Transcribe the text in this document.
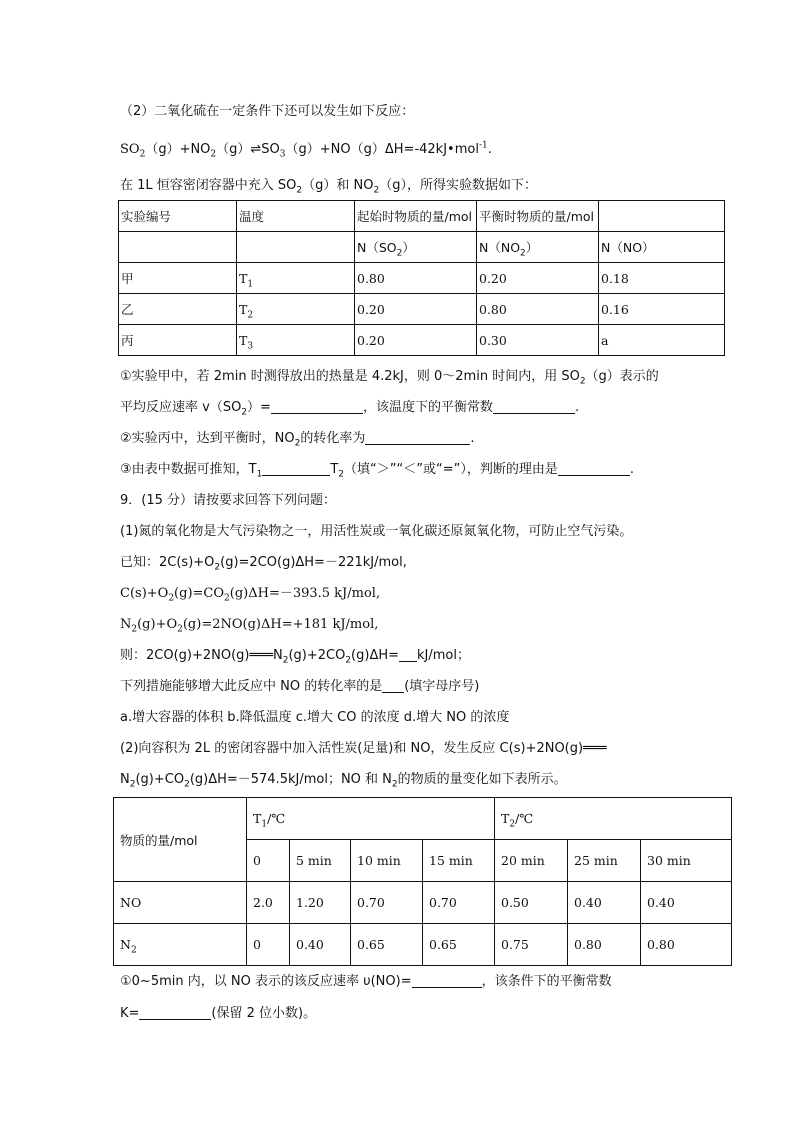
（2）二氧化硫在一定条件下还可以发生如下反应：
$SO_2(g)+NO_2(g)\rightleftharpoons SO_3(g)+NO(g)\Delta H=-42kJ•mol^{-1}$.
在 1L 恒容密闭容器中充入 $SO_2(g)$和 $NO_2(g)$，所得实验数据如下：
实验编号	温度	起始时物质的量/mol	平衡时物质的量/mol	
		$N(SO_2)$	$N(NO_2)$	N（NO）
甲	$T_1$	0.80	0.20	0.18
乙	$T_2$	0.20	0.80	0.16
丙	$T_3$	0.20	0.30	a
①实验甲中，若 2min 时测得放出的热量是 4.2kJ，则 0～2min 时间内，用 $SO_2(g)$表示的
平均反应速率 $v(SO_2)=$	，该温度下的平衡常数	.
②实验丙中，达到平衡时，$NO_2$的转化率为	.
③由表中数据可推知，$T_1$	$T_2$（填“＞”“＜”或“=”），判断的理由是	.
9．(15 分）请按要求回答下列问题：
(1)氮的氧化物是大气污染物之一，用活性炭或一氧化碳还原氮氧化物，可防止空气污染。
已知：$2C(s)+O_2(g)=2CO(g)\Delta H=-221kJ$/mol,
$C(s)+O_2(g)=CO_2(g)\Delta H=-393.5$ kJ/mol,
$N_2(g)+O_2(g)=2NO(g)\Delta H=+181$ kJ/mol,
则：$2CO(g)+2NO(g)═══N_2(g)+2CO_2(g)\Delta H= kJ/mol$；
下列措施能够增大此反应中 NO 的转化率的是 (填字母序号)
a.增大容器的体积 b.降低温度 c.增大 CO 的浓度 d.增大 NO 的浓度
(2)向容积为 2L 的密闭容器中加入活性炭(足量)和 NO，发生反应 C(s)+2NO(g)═══
$N_2(g)+CO_2(g)\Delta H=-574.5kJ$/mol；NO 和 $N_2$的物质的量变化如下表所示。
物质的量/mol	$T_1/℃$				$T_2/℃$		
	0	5 min	10 min	15 min	20 min	25 min	30 min
NO	2.0	1.20	0.70	0.70	0.50	0.40	0.40
$N_2$	0	0.40	0.65	0.65	0.75	0.80	0.80
①0~5min 内，以 NO 表示的该反应速率 υ(NO)=	，该条件下的平衡常数
K=	(保留 2 位小数)。
